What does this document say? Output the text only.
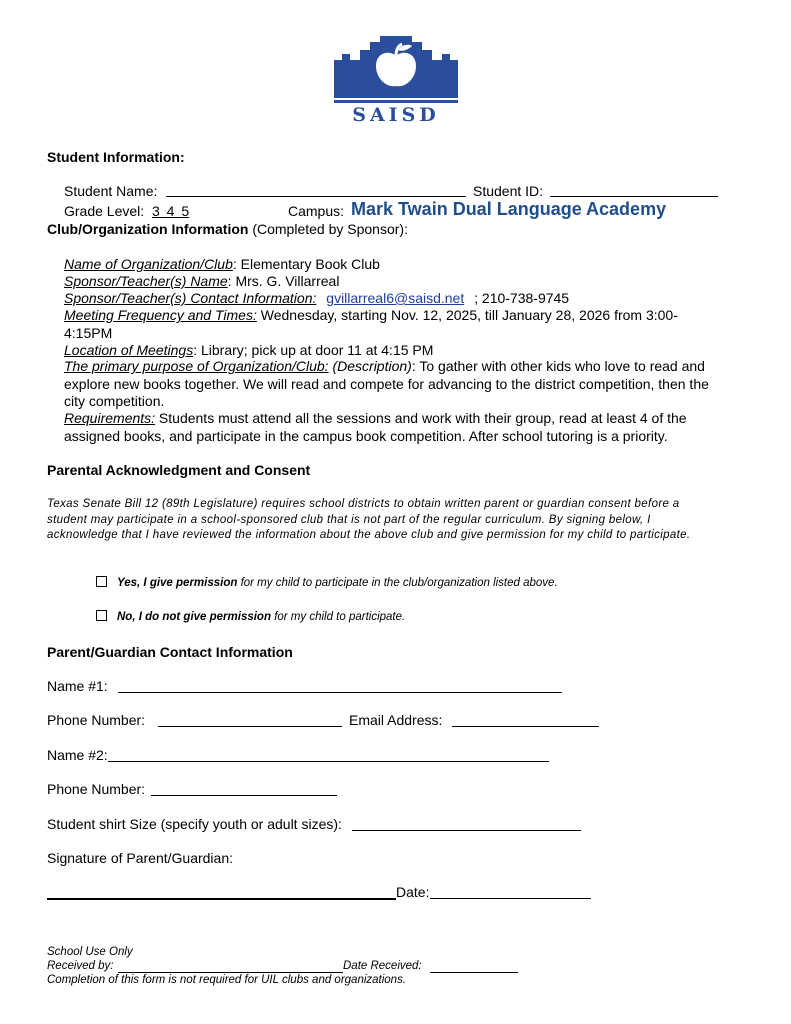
SAISD
Student Information:
Student Name:	Student ID:
Grade Level: 3 4 5	Campus: Mark Twain Dual Language Academy
Club/Organization Information (Completed by Sponsor):
Name of Organization/Club: Elementary Book Club
Sponsor/Teacher(s) Name: Mrs. G. Villarreal
Sponsor/Teacher(s) Contact Information: gvillarreal6@saisd.net ; 210-738-9745
Meeting Frequency and Times: Wednesday, starting Nov. 12, 2025, till January 28, 2026 from 3:00-4:15PM
Location of Meetings: Library; pick up at door 11 at 4:15 PM
The primary purpose of Organization/Club: (Description): To gather with other kids who love to read and explore new books together. We will read and compete for advancing to the district competition, then the city competition.
Requirements: Students must attend all the sessions and work with their group, read at least 4 of the assigned books, and participate in the campus book competition. After school tutoring is a priority.
Parental Acknowledgment and Consent
Texas Senate Bill 12 (89th Legislature) requires school districts to obtain written parent or guardian consent before a student may participate in a school-sponsored club that is not part of the regular curriculum. By signing below, I acknowledge that I have reviewed the information about the above club and give permission for my child to participate.
Yes, I give permission for my child to participate in the club/organization listed above.
No, I do not give permission for my child to participate.
Parent/Guardian Contact Information
Name #1:
Phone Number:	Email Address:
Name #2:
Phone Number:
Student shirt Size (specify youth or adult sizes):
Signature of Parent/Guardian:
Date:
School Use Only
Received by:	Date Received:
Completion of this form is not required for UIL clubs and organizations.
